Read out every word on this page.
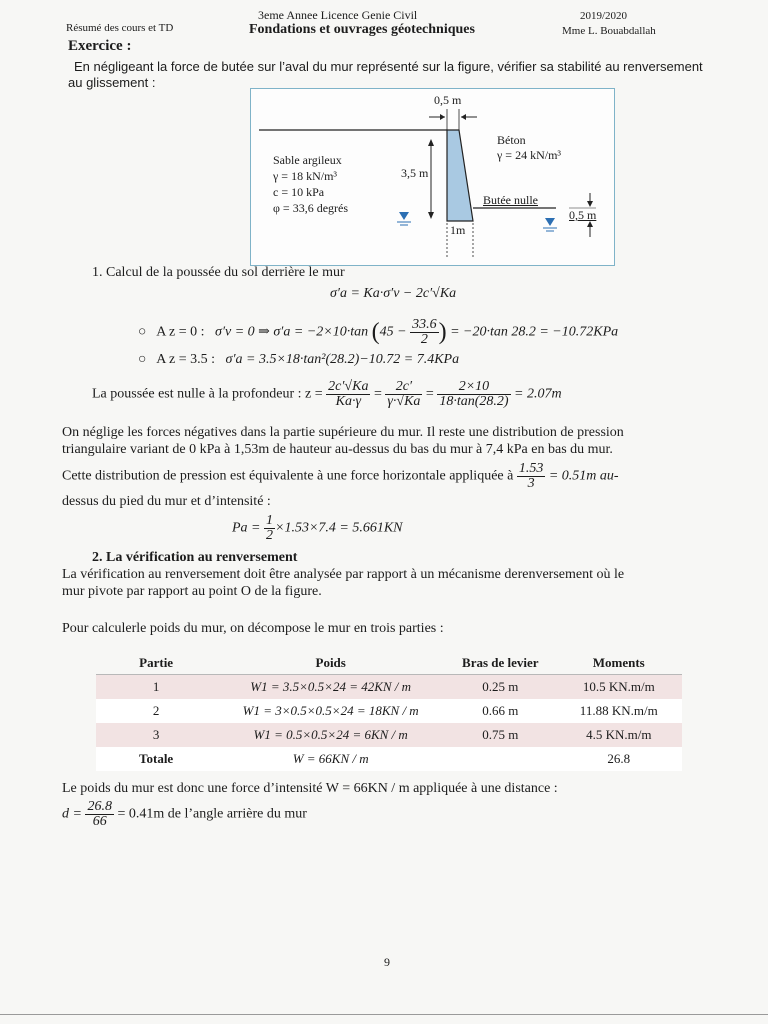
Résumé des cours et TD
3eme Annee Licence Genie Civil
Fondations et ouvrages géotechniques
2019/2020
Mme L. Bouabdallah
Exercice :
En négligeant la force de butée sur l’aval du mur représenté sur la figure, vérifier sa stabilité au renversement
au glissement :
0,5 m
Béton
γ = 24 kN/m³
Sable argileux
γ = 18 kN/m³
c = 10 kPa
φ = 33,6 degrés
3,5 m
Butée nulle
0,5 m
1m
1. Calcul de la poussée du sol derrière le mur
σ′a = Ka·σ′v − 2c′√Ka
○ A z = 0 : σ′v = 0 ⇒ σ′a = −2×10·tan ($45 - \frac{33.6}{2}$ ) = −20·tan 28.2 = −10.72KPa
○ A z = 3.5 : σ′a = 3.5×18·tan²(28.2)−10.72 = 7.4KPa
La poussée est nulle à la profondeur : $z = \frac{2c'√Ka}{Ka\cdot\gamma} = \frac{2c'}{\gamma\cdot√Ka} = \frac{2\times 10}{18\cdot\tan(28.2)} = 2.07m$
On néglige les forces négatives dans la partie supérieure du mur. Il reste une distribution de pression
triangulaire variant de 0 kPa à 1,53m de hauteur au-dessus du bas du mur à 7,4 kPa en bas du mur.
Cette distribution de pression est équivalente à une force horizontale appliquée à $\frac{1.53}{3} = 0.51m$ au-
dessus du pied du mur et d’intensité :
$Pa = \frac{1}{2} \times 1.53\times 7.4 = 5.661KN$
2. La vérification au renversement
La vérification au renversement doit être analysée par rapport à un mécanisme derenversement où le
mur pivote par rapport au point O de la figure.
Pour calculerle poids du mur, on décompose le mur en trois parties :
Partie	Poids	Bras de levier	Moments
1	W1 = 3.5×0.5×24 = 42KN / m	0.25 m	10.5 KN.m/m
2	W1 = 3×0.5×0.5×24 = 18KN / m	0.66 m	11.88 KN.m/m
3	W1 = 0.5×0.5×24 = 6KN / m	0.75 m	4.5 KN.m/m
Totale	W = 66KN / m		26.8
Le poids du mur est donc une force d’intensité W = 66KN / m appliquée à une distance :
$d = \frac{26.8}{66} = 0.41m$ de l’angle arrière du mur
9
